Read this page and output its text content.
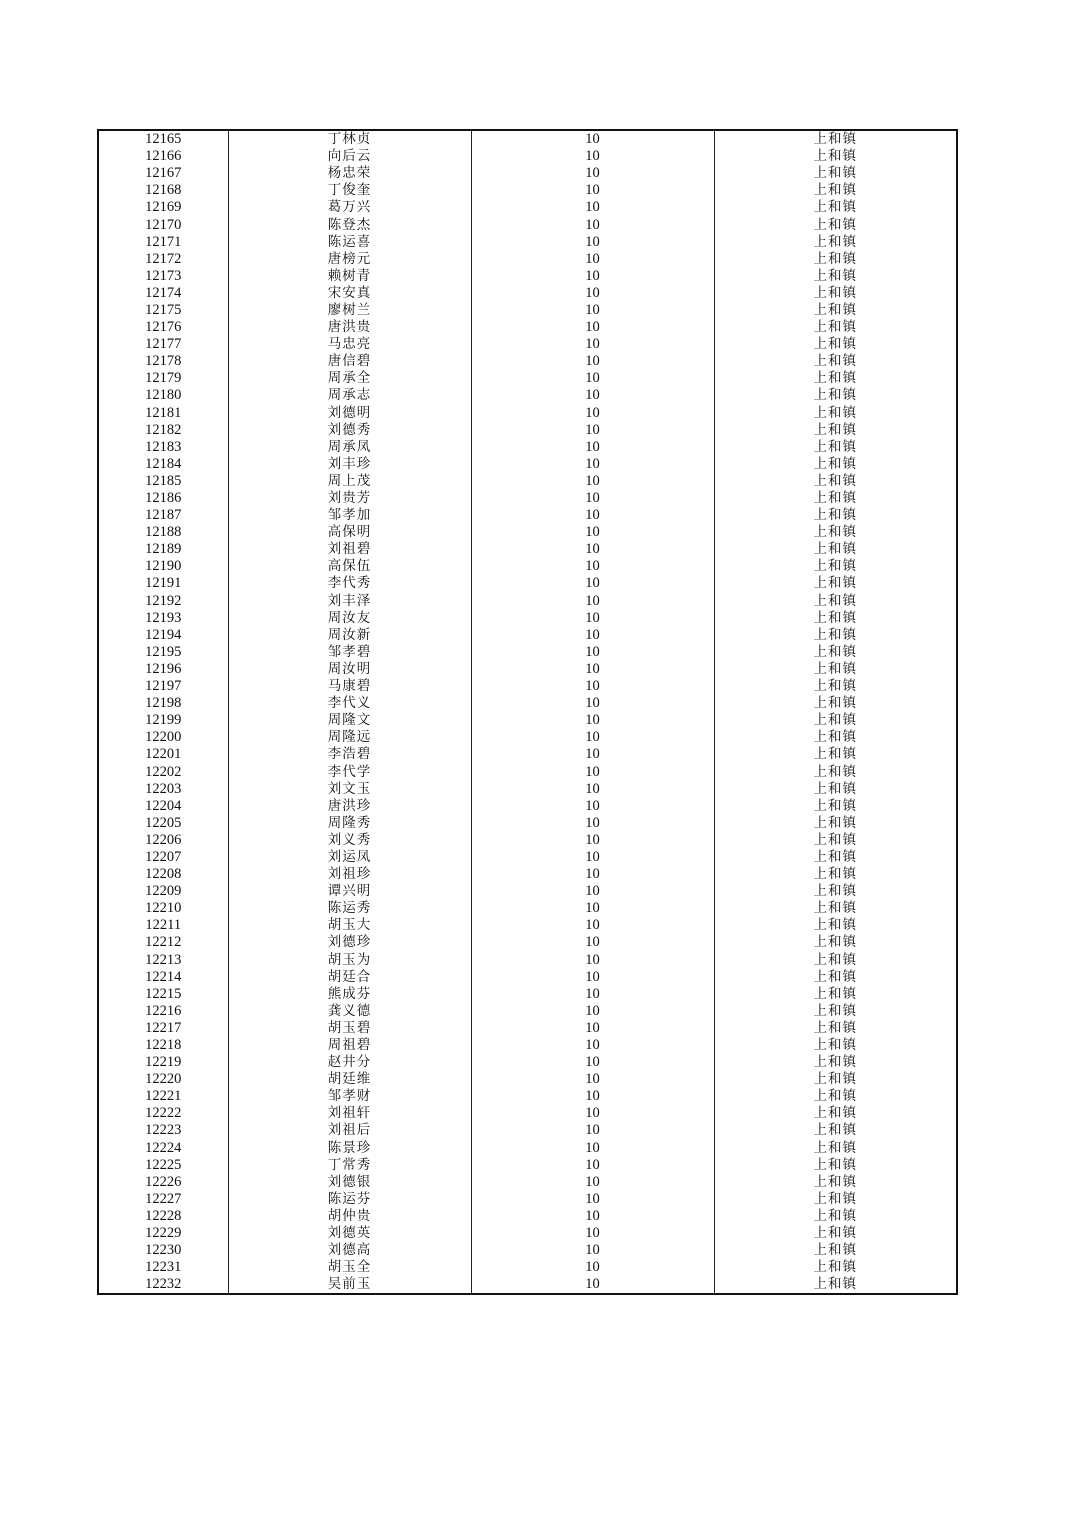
12165	丁林贞	10	上和镇
12166	向后云	10	上和镇
12167	杨忠荣	10	上和镇
12168	丁俊奎	10	上和镇
12169	葛万兴	10	上和镇
12170	陈登杰	10	上和镇
12171	陈运喜	10	上和镇
12172	唐榜元	10	上和镇
12173	赖树青	10	上和镇
12174	宋安真	10	上和镇
12175	廖树兰	10	上和镇
12176	唐洪贵	10	上和镇
12177	马忠亮	10	上和镇
12178	唐信碧	10	上和镇
12179	周承全	10	上和镇
12180	周承志	10	上和镇
12181	刘德明	10	上和镇
12182	刘德秀	10	上和镇
12183	周承凤	10	上和镇
12184	刘丰珍	10	上和镇
12185	周上茂	10	上和镇
12186	刘贵芳	10	上和镇
12187	邹孝加	10	上和镇
12188	高保明	10	上和镇
12189	刘祖碧	10	上和镇
12190	高保伍	10	上和镇
12191	李代秀	10	上和镇
12192	刘丰泽	10	上和镇
12193	周汝友	10	上和镇
12194	周汝新	10	上和镇
12195	邹孝碧	10	上和镇
12196	周汝明	10	上和镇
12197	马康碧	10	上和镇
12198	李代义	10	上和镇
12199	周隆文	10	上和镇
12200	周隆远	10	上和镇
12201	李浩碧	10	上和镇
12202	李代学	10	上和镇
12203	刘文玉	10	上和镇
12204	唐洪珍	10	上和镇
12205	周隆秀	10	上和镇
12206	刘义秀	10	上和镇
12207	刘运凤	10	上和镇
12208	刘祖珍	10	上和镇
12209	谭兴明	10	上和镇
12210	陈运秀	10	上和镇
12211	胡玉大	10	上和镇
12212	刘德珍	10	上和镇
12213	胡玉为	10	上和镇
12214	胡廷合	10	上和镇
12215	熊成芬	10	上和镇
12216	龚义德	10	上和镇
12217	胡玉碧	10	上和镇
12218	周祖碧	10	上和镇
12219	赵井分	10	上和镇
12220	胡廷维	10	上和镇
12221	邹孝财	10	上和镇
12222	刘祖轩	10	上和镇
12223	刘祖后	10	上和镇
12224	陈景珍	10	上和镇
12225	丁常秀	10	上和镇
12226	刘德银	10	上和镇
12227	陈运芬	10	上和镇
12228	胡仲贵	10	上和镇
12229	刘德英	10	上和镇
12230	刘德高	10	上和镇
12231	胡玉全	10	上和镇
12232	吴前玉	10	上和镇
